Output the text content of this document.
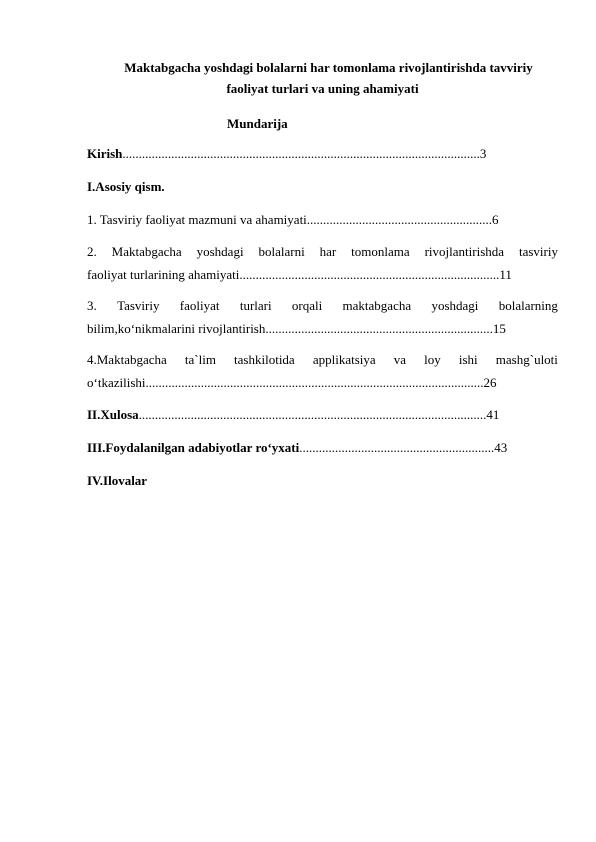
Maktabgacha yoshdagi bolalarni har tomonlama rivojlantirishda tavviriy
faoliyat turlari va uning ahamiyati
Mundarija
Kirish..............................................................................................................3
I.Asosiy qism.
1. Tasviriy faoliyat mazmuni va ahamiyati.........................................................6
2. Maktabgacha yoshdagi bolalarni har tomonlama rivojlantirishda tasviriy
faoliyat turlarining ahamiyati................................................................................11
3. Tasviriy faoliyat turlari orqali maktabgacha yoshdagi bolalarning
bilim,ko‘nikmalarini rivojlantirish......................................................................15
4.Maktabgacha ta`lim tashkilotida applikatsiya va loy ishi mashg`uloti
o‘tkazilishi........................................................................................................26
II.Xulosa...........................................................................................................41
III.Foydalanilgan adabiyotlar ro‘yxati............................................................43
IV.Ilovalar
